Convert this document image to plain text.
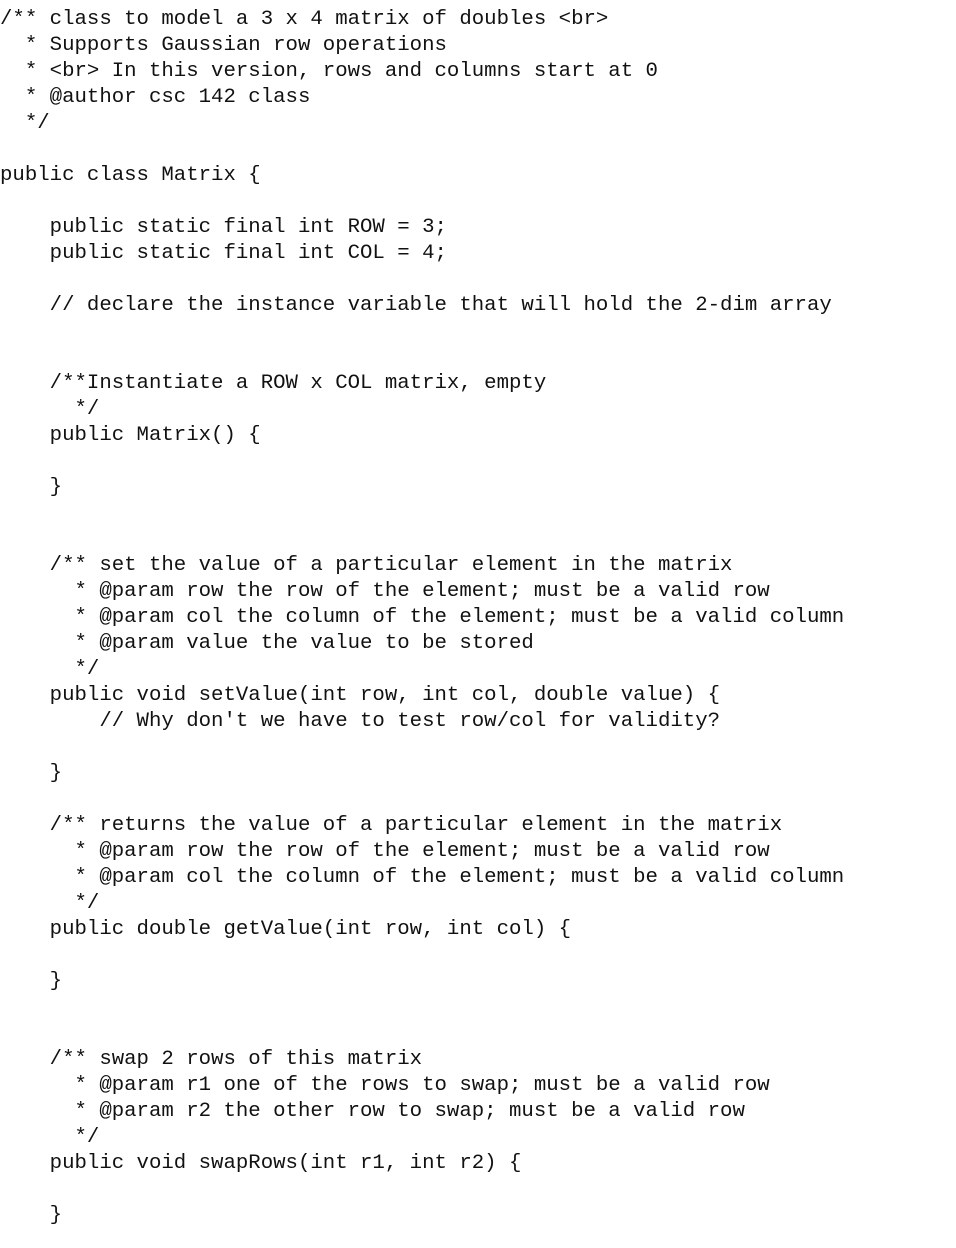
/** class to model a 3 x 4 matrix of doubles <br>
* Supports Gaussian row operations
* <br> In this version, rows and columns start at 0
* @author csc 142 class
*/
public class Matrix {
public static final int ROW = 3;
public static final int COL = 4;
// declare the instance variable that will hold the 2-dim array
/**Instantiate a ROW x COL matrix, empty
*/
public Matrix() {
}
/** set the value of a particular element in the matrix
* @param row the row of the element; must be a valid row
* @param col the column of the element; must be a valid column
* @param value the value to be stored
*/
public void setValue(int row, int col, double value) {
// Why don't we have to test row/col for validity?
}
/** returns the value of a particular element in the matrix
* @param row the row of the element; must be a valid row
* @param col the column of the element; must be a valid column
*/
public double getValue(int row, int col) {
}
/** swap 2 rows of this matrix
* @param r1 one of the rows to swap; must be a valid row
* @param r2 the other row to swap; must be a valid row
*/
public void swapRows(int r1, int r2) {
}
